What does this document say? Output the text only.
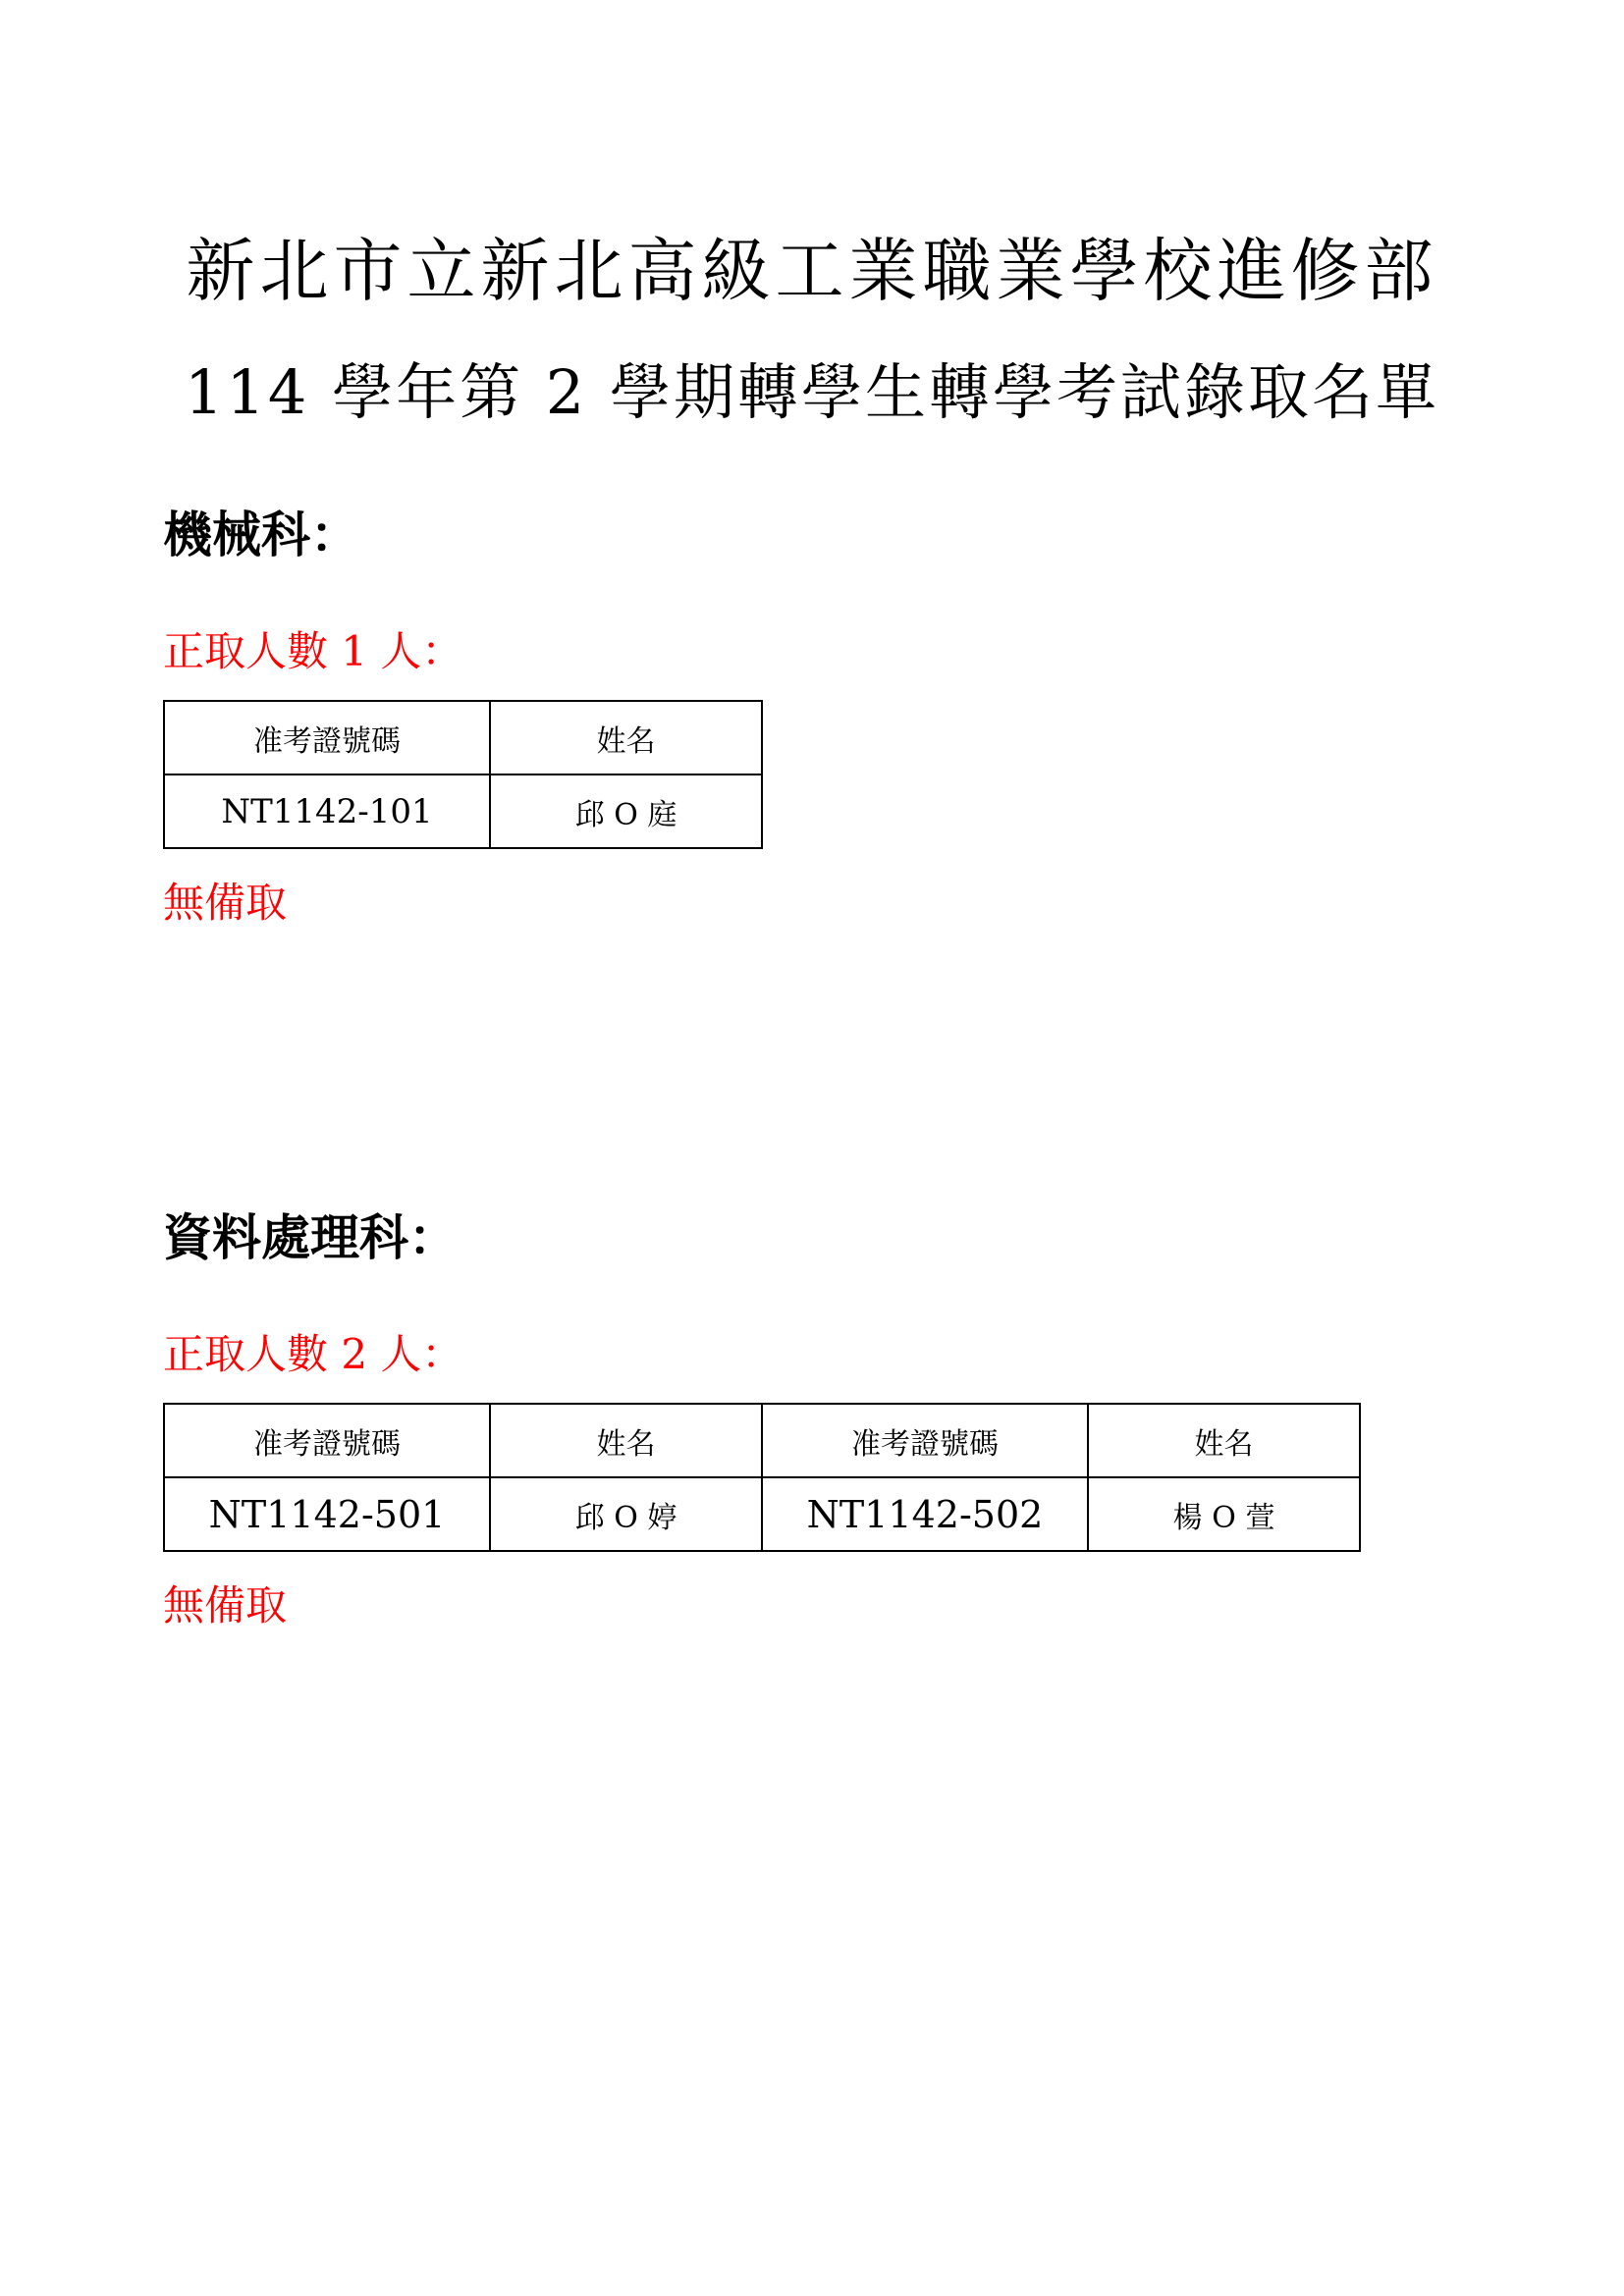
新北市立新北高級工業職業學校進修部
114 學年第 2 學期轉學生轉學考試錄取名單
機械科：
正取人數 1 人：
准考證號碼	姓名
NT1142-101	邱 O 庭
無備取
資料處理科：
正取人數 2 人：
准考證號碼	姓名	准考證號碼	姓名
NT1142-501	邱 O 婷	NT1142-502	楊 O 萱
無備取
